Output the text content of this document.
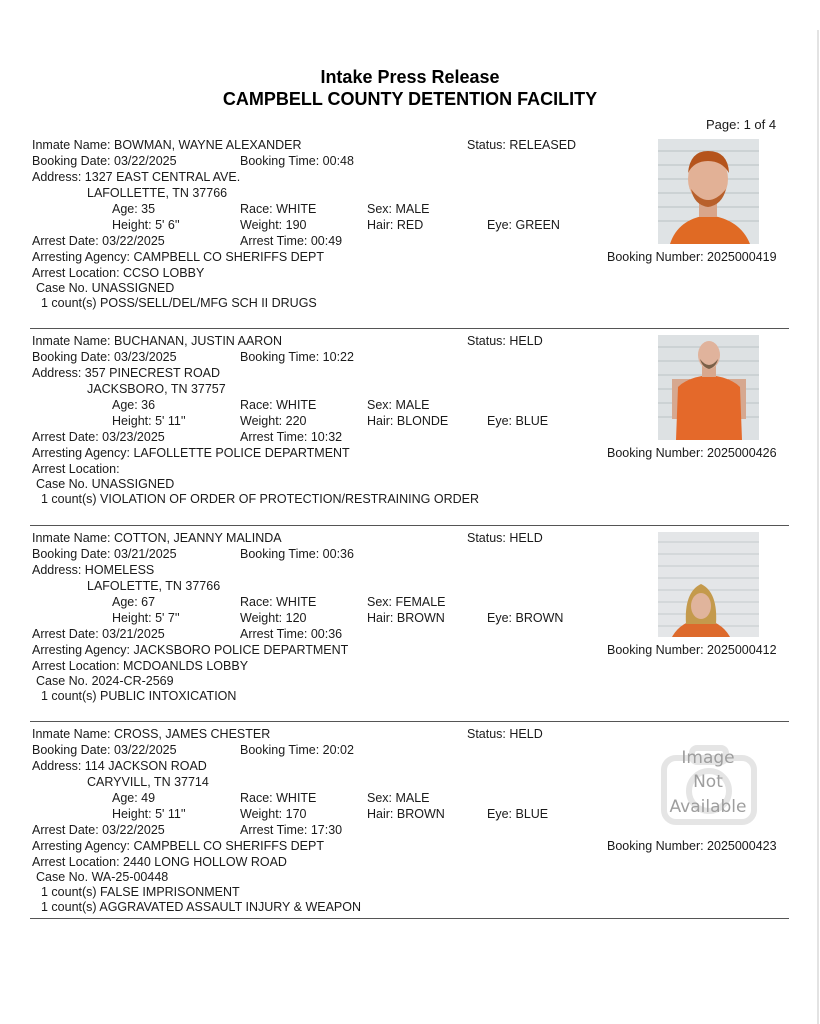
Intake Press Release
CAMPBELL COUNTY DETENTION FACILITY
Page: 1 of 4
Inmate Name: BOWMAN, WAYNE ALEXANDER	Status: RELEASED
Booking Date: 03/22/2025	Booking Time: 00:48
Address: 1327 EAST CENTRAL AVE.
LAFOLLETTE, TN 37766
Age: 35	Race: WHITE	Sex: MALE
Height: 5' 6''	Weight: 190	Hair: RED	Eye: GREEN
Arrest Date: 03/22/2025	Arrest Time: 00:49
Arresting Agency: CAMPBELL CO SHERIFFS DEPT	Booking Number: 2025000419
Arrest Location: CCSO LOBBY
Case No. UNASSIGNED
1 count(s) POSS/SELL/DEL/MFG SCH II DRUGS
Inmate Name: BUCHANAN, JUSTIN AARON	Status: HELD
Booking Date: 03/23/2025	Booking Time: 10:22
Address: 357 PINECREST ROAD
JACKSBORO, TN 37757
Age: 36	Race: WHITE	Sex: MALE
Height: 5' 11''	Weight: 220	Hair: BLONDE	Eye: BLUE
Arrest Date: 03/23/2025	Arrest Time: 10:32
Arresting Agency: LAFOLLETTE POLICE DEPARTMENT	Booking Number: 2025000426
Arrest Location:
Case No. UNASSIGNED
1 count(s) VIOLATION OF ORDER OF PROTECTION/RESTRAINING ORDER
Inmate Name: COTTON, JEANNY MALINDA	Status: HELD
Booking Date: 03/21/2025	Booking Time: 00:36
Address: HOMELESS
LAFOLETTE, TN 37766
Age: 67	Race: WHITE	Sex: FEMALE
Height: 5' 7''	Weight: 120	Hair: BROWN	Eye: BROWN
Arrest Date: 03/21/2025	Arrest Time: 00:36
Arresting Agency: JACKSBORO POLICE DEPARTMENT	Booking Number: 2025000412
Arrest Location: MCDOANLDS LOBBY
Case No. 2024-CR-2569
1 count(s) PUBLIC INTOXICATION
Inmate Name: CROSS, JAMES CHESTER	Status: HELD
Booking Date: 03/22/2025	Booking Time: 20:02
Address: 114 JACKSON ROAD
CARYVILL, TN 37714
Age: 49	Race: WHITE	Sex: MALE
Height: 5' 11''	Weight: 170	Hair: BROWN	Eye: BLUE
Arrest Date: 03/22/2025	Arrest Time: 17:30
Arresting Agency: CAMPBELL CO SHERIFFS DEPT	Booking Number: 2025000423
Arrest Location: 2440 LONG HOLLOW ROAD
Case No. WA-25-00448
1 count(s) FALSE IMPRISONMENT
1 count(s) AGGRAVATED ASSAULT INJURY & WEAPON
Image
Not
Available
